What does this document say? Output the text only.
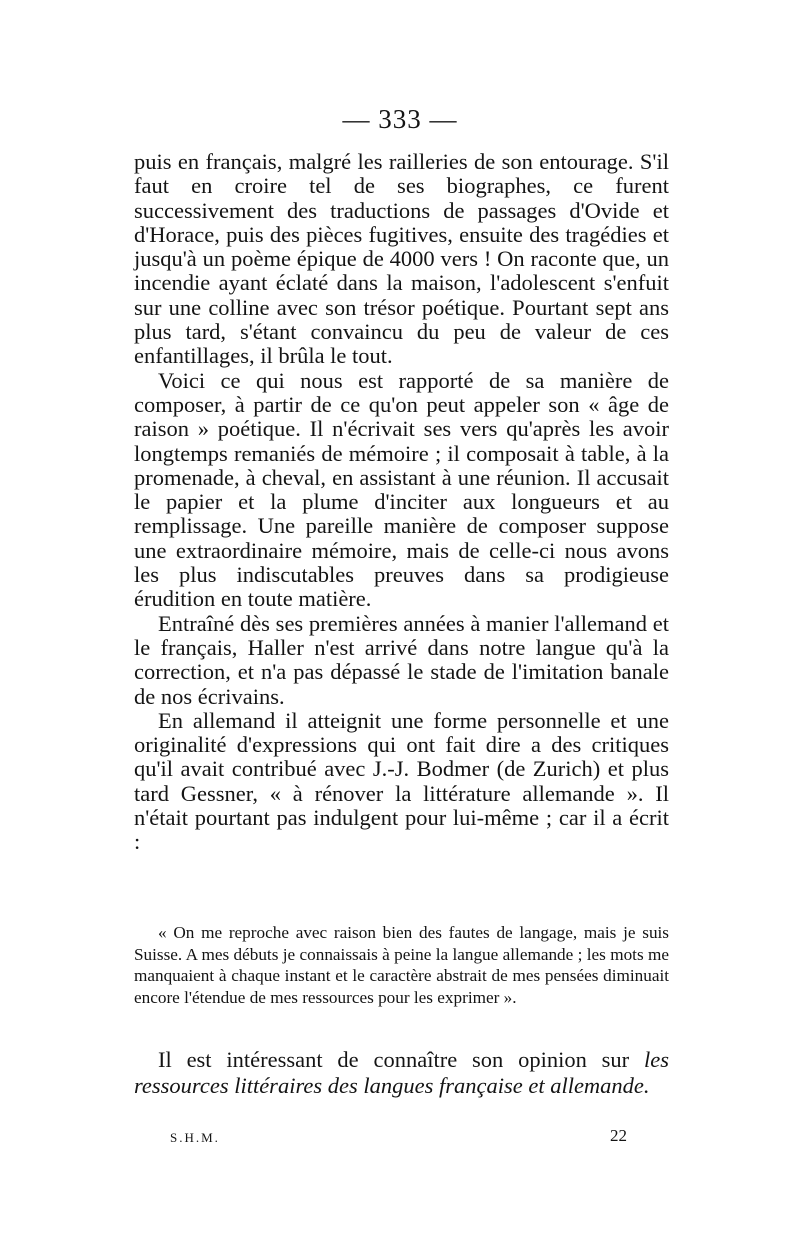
— 333 —

puis en français, malgré les railleries de son entourage. S'il faut en croire tel de ses biographes, ce furent successivement des traductions de passages d'Ovide et d'Horace, puis des pièces fugitives, ensuite des tragédies et jusqu'à un poème épique de 4000 vers ! On raconte que, un incendie ayant éclaté dans la maison, l'adolescent s'enfuit sur une colline avec son trésor poétique. Pourtant sept ans plus tard, s'étant convaincu du peu de valeur de ces enfantillages, il brûla le tout.

Voici ce qui nous est rapporté de sa manière de composer, à partir de ce qu'on peut appeler son « âge de raison » poétique. Il n'écrivait ses vers qu'après les avoir longtemps remaniés de mémoire ; il composait à table, à la promenade, à cheval, en assistant à une réunion. Il accusait le papier et la plume d'inciter aux longueurs et au remplissage. Une pareille manière de composer suppose une extraordinaire mémoire, mais de celle-ci nous avons les plus indiscutables preuves dans sa prodigieuse érudition en toute matière.

Entraîné dès ses premières années à manier l'allemand et le français, Haller n'est arrivé dans notre langue qu'à la correction, et n'a pas dépassé le stade de l'imitation banale de nos écrivains.

En allemand il atteignit une forme personnelle et une originalité d'expressions qui ont fait dire a des critiques qu'il avait contribué avec J.-J. Bodmer (de Zurich) et plus tard Gessner, « à rénover la littérature allemande ». Il n'était pourtant pas indulgent pour lui-même ; car il a écrit :

« On me reproche avec raison bien des fautes de langage, mais je suis Suisse. A mes débuts je connaissais à peine la langue allemande ; les mots me manquaient à chaque instant et le caractère abstrait de mes pensées diminuait encore l'étendue de mes ressources pour les exprimer ».
Il est intéressant de connaître son opinion sur les ressources littéraires des langues française et allemande.
S.H.M.	22
